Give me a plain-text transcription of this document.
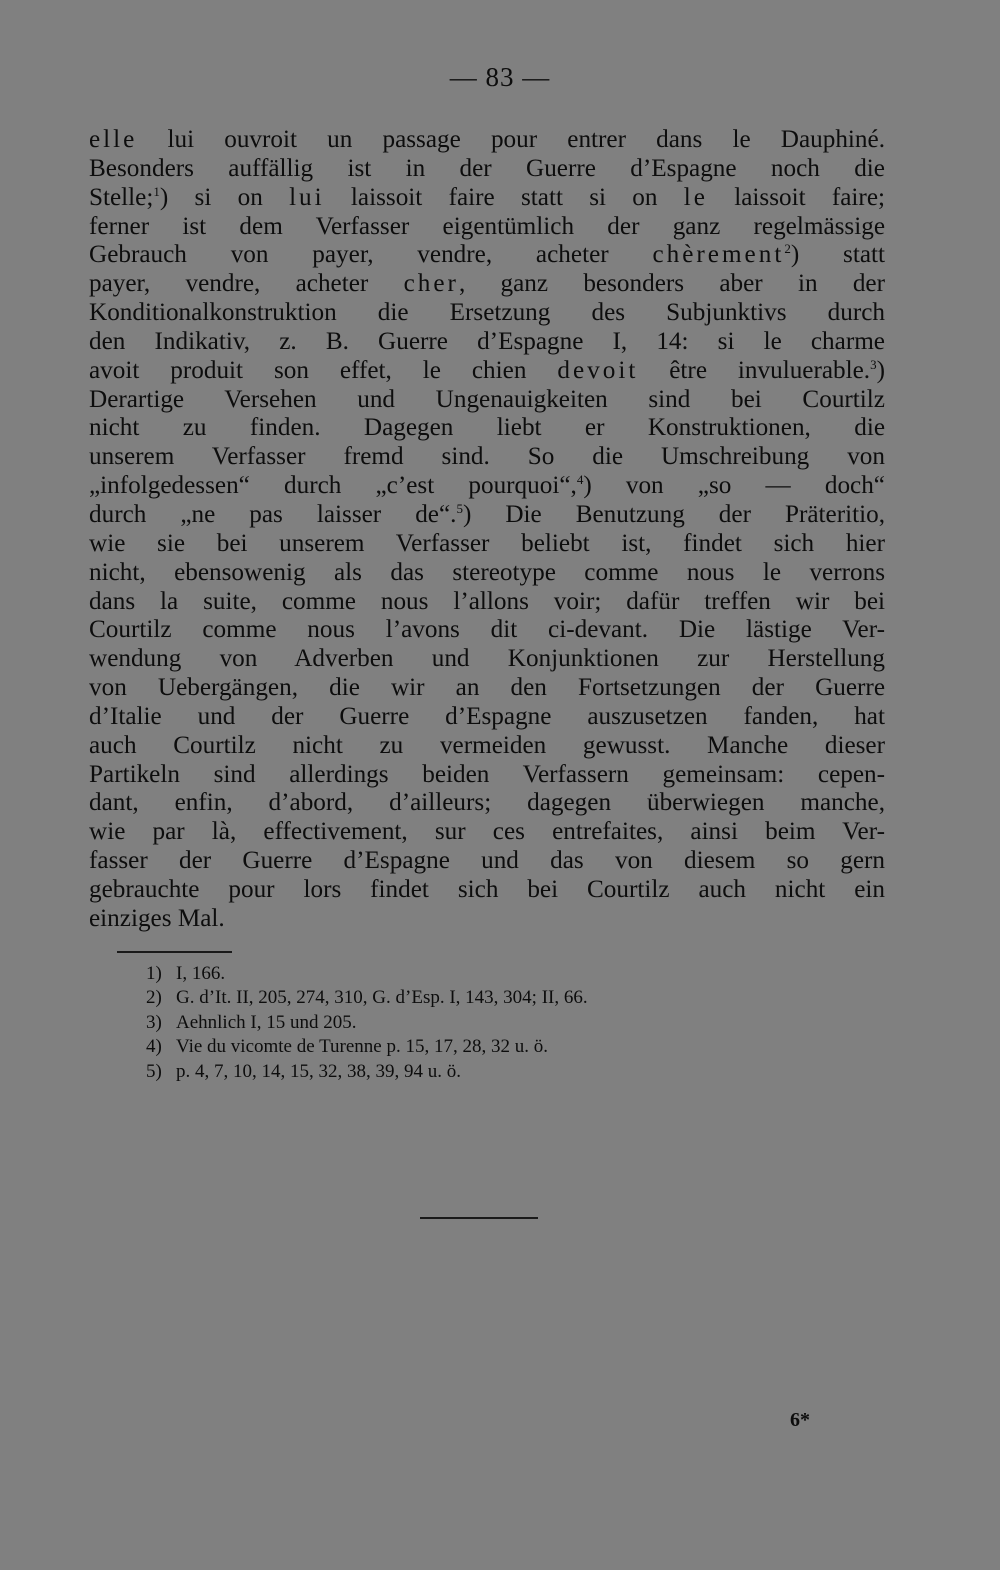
— 83 —
elle lui ouvroit un passage pour entrer dans le Dauphiné.
Besonders auffällig ist in der Guerre d’Espagne noch die
Stelle;$^1$) si on lui laissoit faire statt si on le laissoit faire;
ferner ist dem Verfasser eigentümlich der ganz regelmässige
Gebrauch von payer, vendre, acheter chèrement$^2$) statt
payer, vendre, acheter cher, ganz besonders aber in der
Konditionalkonstruktion die Ersetzung des Subjunktivs durch
den Indikativ, z. B. Guerre d’Espagne I, 14: si le charme
avoit produit son effet, le chien devoit être invuluerable.$^3$)
Derartige Versehen und Ungenauigkeiten sind bei Courtilz
nicht zu finden. Dagegen liebt er Konstruktionen, die
unserem Verfasser fremd sind. So die Umschreibung von
„infolgedessen“ durch „c’est pourquoi“,$^4$) von „so — doch“
durch „ne pas laisser de“.$^5$) Die Benutzung der Präteritio,
wie sie bei unserem Verfasser beliebt ist, findet sich hier
nicht, ebensowenig als das stereotype comme nous le verrons
dans la suite, comme nous l’allons voir; dafür treffen wir bei
Courtilz comme nous l’avons dit ci-devant. Die lästige Ver-
wendung von Adverben und Konjunktionen zur Herstellung
von Uebergängen, die wir an den Fortsetzungen der Guerre
d’Italie und der Guerre d’Espagne auszusetzen fanden, hat
auch Courtilz nicht zu vermeiden gewusst. Manche dieser
Partikeln sind allerdings beiden Verfassern gemeinsam: cepen-
dant, enfin, d’abord, d’ailleurs; dagegen überwiegen manche,
wie par là, effectivement, sur ces entrefaites, ainsi beim Ver-
fasser der Guerre d’Espagne und das von diesem so gern
gebrauchte pour lors findet sich bei Courtilz auch nicht ein
einziges Mal.
1) I, 166.
2) G. d’It. II, 205, 274, 310, G. d’Esp. I, 143, 304; II, 66.
3) Aehnlich I, 15 und 205.
4) Vie du vicomte de Turenne p. 15, 17, 28, 32 u. ö.
5) p. 4, 7, 10, 14, 15, 32, 38, 39, 94 u. ö.
6*
